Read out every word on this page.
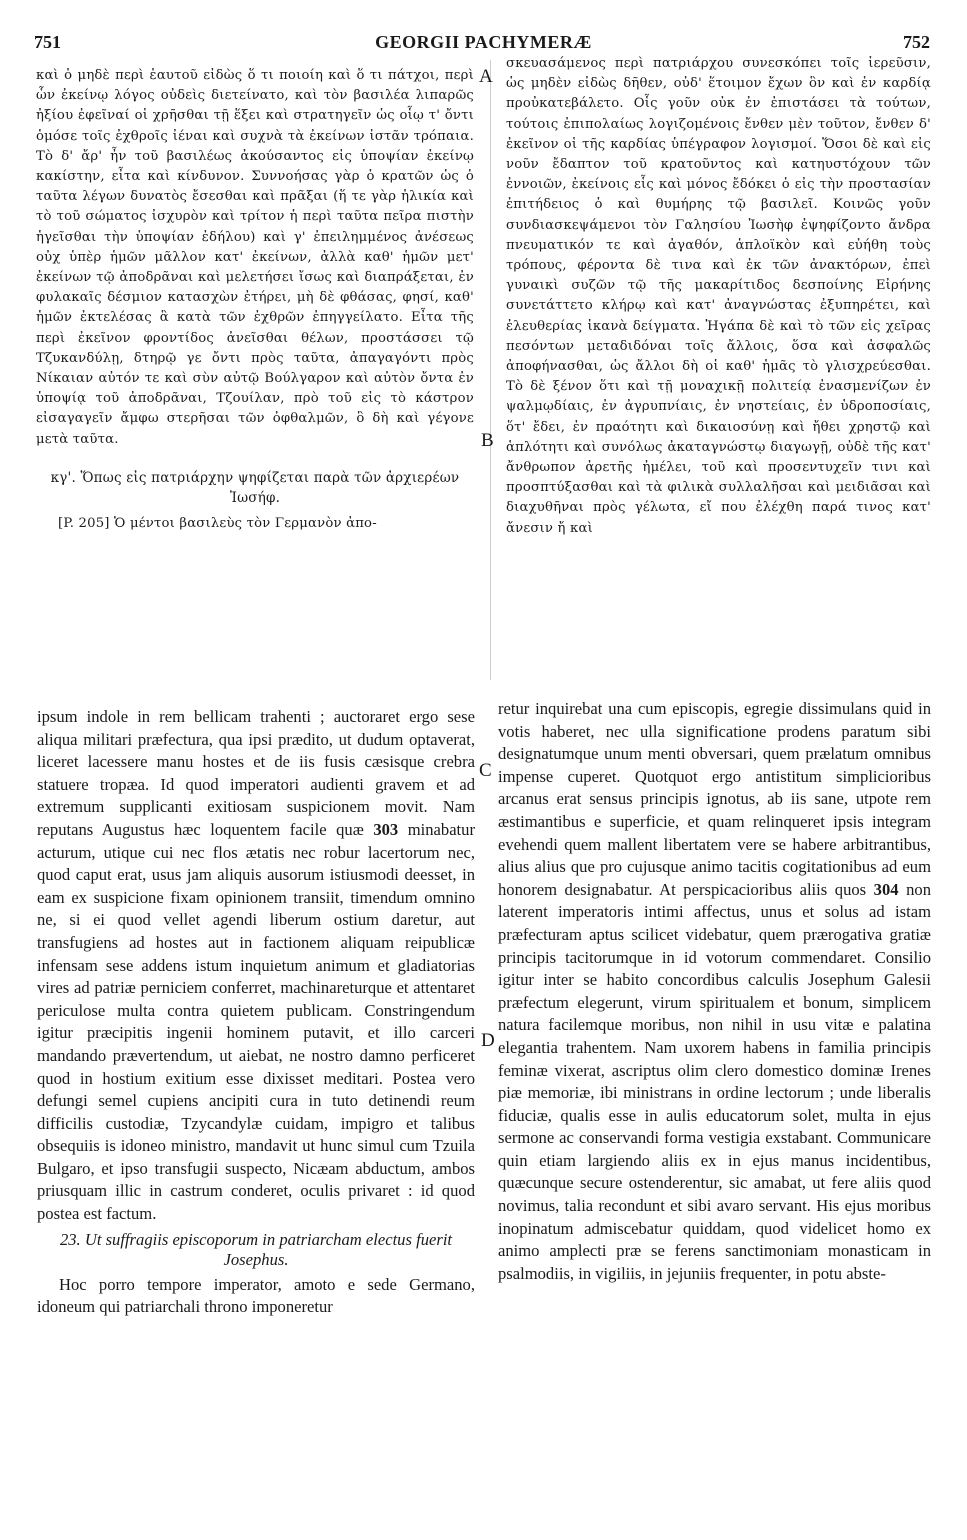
751	GEORGII PACHYMERÆ	752
A
B
C
D

καὶ ὁ μηδὲ περὶ ἑαυτοῦ εἰδὼς ὅ τι ποιοίη καὶ ὅ τι πάτχοι, περὶ ὧν ἐκείνῳ λόγος οὐδεὶς διετείνατο, καὶ τὸν βασιλέα λιπαρῶς ἠξίου ἐφεῖναί οἱ χρῆσθαι τῇ ἕξει καὶ στρατηγεῖν ὡς οἷῳ τ' ὄντι ὁμόσε τοῖς ἐχθροῖς ἰέναι καὶ συχνὰ τὰ ἐκείνων ἱστᾶν τρόπαια. Τὸ δ' ἄρ' ἦν τοῦ βασιλέως ἀκούσαντος εἰς ὑποψίαν ἐκείνῳ κακίστην, εἶτα καὶ κίνδυνον. Συννοήσας γὰρ ὁ κρατῶν ὡς ὁ ταῦτα λέγων δυνατὸς ἔσεσθαι καὶ πρᾶξαι (ἥ τε γὰρ ἡλικία καὶ τὸ τοῦ σώματος ἰσχυρὸν καὶ τρίτον ἡ περὶ ταῦτα πεῖρα πιστὴν ἡγεῖσθαι τὴν ὑποψίαν ἐδήλου) καὶ γ' ἐπειλημμένος ἀνέσεως οὐχ ὑπὲρ ἡμῶν μᾶλλον κατ' ἐκείνων, ἀλλὰ καθ' ἡμῶν μετ' ἐκείνων τῷ ἀποδρᾶναι καὶ μελετήσει ἴσως καὶ διαπράξεται, ἐν φυλακαῖς δέσμιον κατασχὼν ἐτήρει, μὴ δὲ φθάσας, φησί, καθ' ἡμῶν ἐκτελέσας ἃ κατὰ τῶν ἐχθρῶν ἐπηγγείλατο. Εἶτα τῆς περὶ ἐκεῖνον φροντίδος ἀνεῖσθαι θέλων, προστάσσει τῷ Τζυκανδύλῃ, δτηρῷ γε ὄντι πρὸς ταῦτα, ἀπαγαγόντι πρὸς Νίκαιαν αὐτόν τε καὶ σὺν αὐτῷ Βούλγαρον καὶ αὐτὸν ὄντα ἐν ὑποψίᾳ τοῦ ἀποδρᾶναι, Τζουίλαν, πρὸ τοῦ εἰς τὸ κάστρον εἰσαγαγεῖν ἄμφω στερῆσαι τῶν ὀφθαλμῶν, ὃ δὴ καὶ γέγονε μετὰ ταῦτα.

κγ'. Ὅπως εἰς πατριάρχην ψηφίζεται παρὰ τῶν ἀρχιερέων Ἰωσήφ.

[P. 205] Ὁ μέντοι βασιλεὺς τὸν Γερμανὸν ἀπο-

σκευασάμενος περὶ πατριάρχου συνεσκόπει τοῖς ἱερεῦσιν, ὡς μηδὲν εἰδὼς δῆθεν, οὐδ' ἕτοιμον ἔχων ὃν καὶ ἐν καρδίᾳ προὐκατεβάλετο. Οἷς γοῦν οὐκ ἐν ἐπιστάσει τὰ τούτων, τούτοις ἐπιπολαίως λογιζομένοις ἔνθεν μὲν τοῦτον, ἔνθεν δ' ἐκεῖνον οἱ τῆς καρδίας ὑπέγραφον λογισμοί. Ὅσοι δὲ καὶ εἰς νοῦν ἔδαπτον τοῦ κρατοῦντος καὶ κατηυστόχουν τῶν ἐννοιῶν, ἐκείνοις εἷς καὶ μόνος ἔδόκει ὁ εἰς τὴν προστασίαν ἐπιτήδειος ὁ καὶ θυμήρης τῷ βασιλεῖ. Κοινῶς γοῦν συνδιασκεψάμενοι τὸν Γαλησίου Ἰωσὴφ ἐψηφίζοντο ἄνδρα πνευματικόν τε καὶ ἀγαθόν, ἁπλοϊκὸν καὶ εὐήθη τοὺς τρόπους, φέροντα δὲ τινα καὶ ἐκ τῶν ἀνακτόρων, ἐπεὶ γυναικὶ συζῶν τῷ τῆς μακαρίτιδος δεσποίνης Εἰρήνης συνετάττετο κλήρῳ καὶ κατ' ἀναγνώστας ἐξυπηρέτει, καὶ ἐλευθερίας ἱκανὰ δείγματα. Ἠγάπα δὲ καὶ τὸ τῶν εἰς χεῖρας πεσόντων μεταδιδόναι τοῖς ἄλλοις, ὅσα καὶ ἀσφαλῶς ἀποφήνασθαι, ὡς ἄλλοι δὴ οἱ καθ' ἡμᾶς τὸ γλισχρεύεσθαι. Τὸ δὲ ξένον ὅτι καὶ τῇ μοναχικῇ πολιτείᾳ ἐνασμενίζων ἐν ψαλμῳδίαις, ἐν ἀγρυπνίαις, ἐν νηστείαις, ἐν ὑδροποσίαις, ὅτ' ἔδει, ἐν πραότητι καὶ δικαιοσύνῃ καὶ ἤθει χρηστῷ καὶ ἁπλότητι καὶ συνόλως ἀκαταγνώστῳ διαγωγῇ, οὐδὲ τῆς κατ' ἄνθρωπον ἀρετῆς ἠμέλει, τοῦ καὶ προσεντυχεῖν τινι καὶ προσπτύξασθαι καὶ τὰ φιλικὰ συλλαλῆσαι καὶ μειδιᾶσαι καὶ διαχυθῆναι πρὸς γέλωτα, εἴ που ἐλέχθη παρά τινος κατ' ἄνεσιν ἤ καὶ

ipsum indole in rem bellicam trahenti ; auctoraret ergo sese aliqua militari præfectura, qua ipsi prædito, ut dudum optaverat, liceret lacessere manu hostes et de iis fusis cæsisque crebra statuere tropæa. Id quod imperatori audienti gravem et ad extremum supplicanti exitiosam suspicionem movit. Nam reputans Augustus hæc loquentem facile quæ 303 minabatur acturum, utique cui nec flos ætatis nec robur lacertorum nec, quod caput erat, usus jam aliquis ausorum istiusmodi deesset, in eam ex suspicione fixam opinionem transiit, timendum omnino ne, si ei quod vellet agendi liberum ostium daretur, aut transfugiens ad hostes aut in factionem aliquam reipublicæ infensam sese addens istum inquietum animum et gladiatorias vires ad patriæ perniciem conferret, machinareturque et attentaret periculose multa contra quietem publicam. Constringendum igitur præcipitis ingenii hominem putavit, et illo carceri mandando prævertendum, ut aiebat, ne nostro damno perficeret quod in hostium exitium esse dixisset meditari. Postea vero defungi semel cupiens ancipiti cura in tuto detinendi reum difficilis custodiæ, Tzycandylæ cuidam, impigro et talibus obsequiis is idoneo ministro, mandavit ut hunc simul cum Tzuila Bulgaro, et ipso transfugii suspecto, Nicæam abductum, ambos priusquam illic in castrum conderet, oculis privaret : id quod postea est factum.

23. Ut suffragiis episcoporum in patriarcham electus fuerit Josephus.

Hoc porro tempore imperator, amoto e sede Germano, idoneum qui patriarchali throno imponeretur

retur inquirebat una cum episcopis, egregie dissimulans quid in votis haberet, nec ulla significatione prodens paratum sibi designatumque unum menti obversari, quem prælatum omnibus impense cuperet. Quotquot ergo antistitum simplicioribus arcanus erat sensus principis ignotus, ab iis sane, utpote rem æstimantibus e superficie, et quam relinqueret ipsis integram evehendi quem mallent libertatem vere se habere arbitrantibus, alius alius que pro cujusque animo tacitis cogitationibus ad eum honorem designabatur. At perspicacioribus aliis quos 304 non laterent imperatoris intimi affectus, unus et solus ad istam præfecturam aptus scilicet videbatur, quem prærogativa gratiæ principis tacitorumque in id votorum commendaret. Consilio igitur inter se habito concordibus calculis Josephum Galesii præfectum elegerunt, virum spiritualem et bonum, simplicem natura facilemque moribus, non nihil in usu vitæ e palatina elegantia trahentem. Nam uxorem habens in familia principis feminæ vixerat, ascriptus olim clero domestico dominæ Irenes piæ memoriæ, ibi ministrans in ordine lectorum ; unde liberalis fiduciæ, qualis esse in aulis educatorum solet, multa in ejus sermone ac conservandi forma vestigia exstabant. Communicare quin etiam largiendo aliis ex in ejus manus incidentibus, quæcunque secure ostenderentur, sic amabat, ut fere aliis quod novimus, talia recondunt et sibi avaro servant. His ejus moribus inopinatum admiscebatur quiddam, quod videlicet homo ex animo amplecti præ se ferens sanctimoniam monasticam in psalmodiis, in vigiliis, in jejuniis frequenter, in potu abste-
